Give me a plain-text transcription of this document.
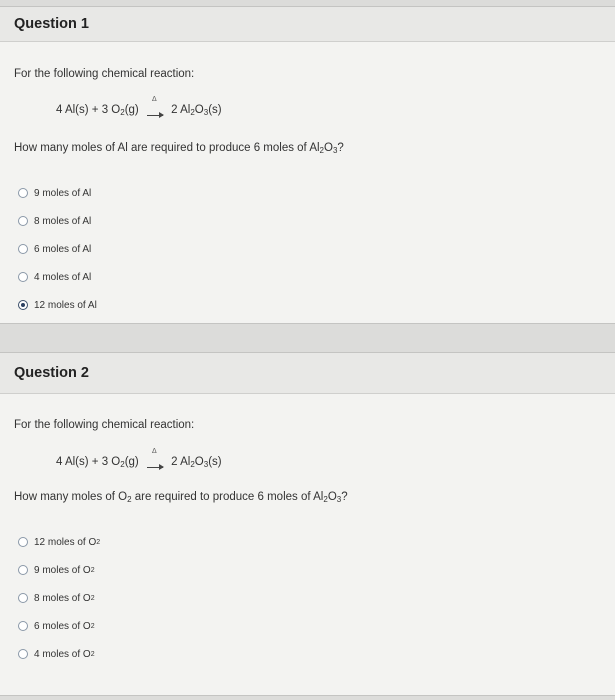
Question 1
For the following chemical reaction:
4 Al(s) + 3 $O_2(g)$
Δ
2 $Al_2O_3(s)$
How many moles of Al are required to produce 6 moles of $Al_2O_3$?
9 moles of Al
8 moles of Al
6 moles of Al
4 moles of Al
12 moles of Al
Question 2
For the following chemical reaction:
4 Al(s) + 3 $O_2(g)$
Δ
2 $Al_2O_3(s)$
How many moles of $O_2$ are required to produce 6 moles of $Al_2O_3$?
12 moles of O 2
9 moles of O 2
8 moles of O 2
6 moles of O 2
4 moles of O 2
